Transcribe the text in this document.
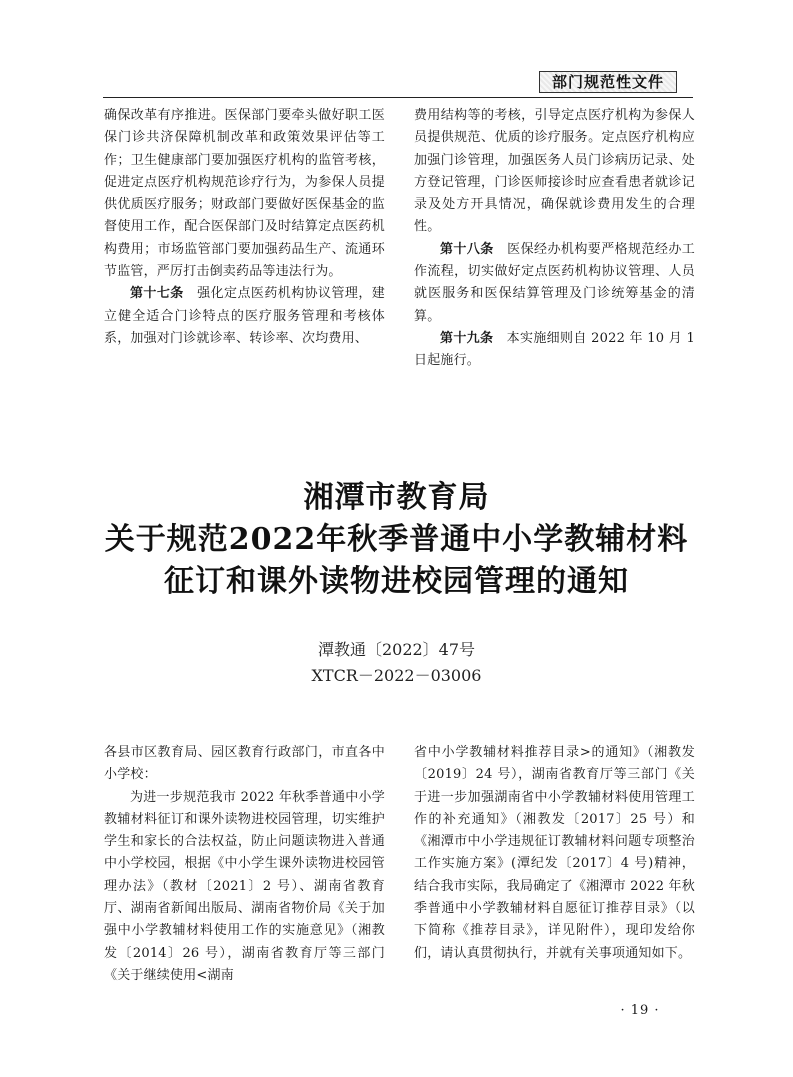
部门规范性文件

确保改革有序推进。医保部门要牵头做好职工医保门诊共济保障机制改革和政策效果评估等工作；卫生健康部门要加强医疗机构的监管考核，促进定点医疗机构规范诊疗行为，为参保人员提供优质医疗服务；财政部门要做好医保基金的监督使用工作，配合医保部门及时结算定点医药机构费用；市场监管部门要加强药品生产、流通环节监管，严厉打击倒卖药品等违法行为。

第十七条　强化定点医药机构协议管理，建立健全适合门诊特点的医疗服务管理和考核体系，加强对门诊就诊率、转诊率、次均费用、

费用结构等的考核，引导定点医疗机构为参保人员提供规范、优质的诊疗服务。定点医疗机构应加强门诊管理，加强医务人员门诊病历记录、处方登记管理，门诊医师接诊时应查看患者就诊记录及处方开具情况，确保就诊费用发生的合理性。

第十八条　医保经办机构要严格规范经办工作流程，切实做好定点医药机构协议管理、人员就医服务和医保结算管理及门诊统筹基金的清算。

第十九条　本实施细则自 2022 年 10 月 1 日起施行。

湘潭市教育局
关于规范2022年秋季普通中小学教辅材料
征订和课外读物进校园管理的通知
潭教通〔2022〕47号
XTCR－2022－03006

各县市区教育局、园区教育行政部门，市直各中小学校：

为进一步规范我市 2022 年秋季普通中小学教辅材料征订和课外读物进校园管理，切实维护学生和家长的合法权益，防止问题读物进入普通中小学校园，根据《中小学生课外读物进校园管理办法》（教材〔2021〕2 号）、湖南省教育厅、湖南省新闻出版局、湖南省物价局《关于加强中小学教辅材料使用工作的实施意见》（湘教发〔2014〕26 号），湖南省教育厅等三部门《关于继续使用<湖南

省中小学教辅材料推荐目录>的通知》（湘教发〔2019〕24 号），湖南省教育厅等三部门《关于进一步加强湖南省中小学教辅材料使用管理工作的补充通知》（湘教发〔2017〕25 号）和《湘潭市中小学违规征订教辅材料问题专项整治工作实施方案》(潭纪发〔2017〕4 号)精神，结合我市实际，我局确定了《湘潭市 2022 年秋季普通中小学教辅材料自愿征订推荐目录》（以下简称《推荐目录》，详见附件），现印发给你们，请认真贯彻执行，并就有关事项通知如下。

· 19 ·
